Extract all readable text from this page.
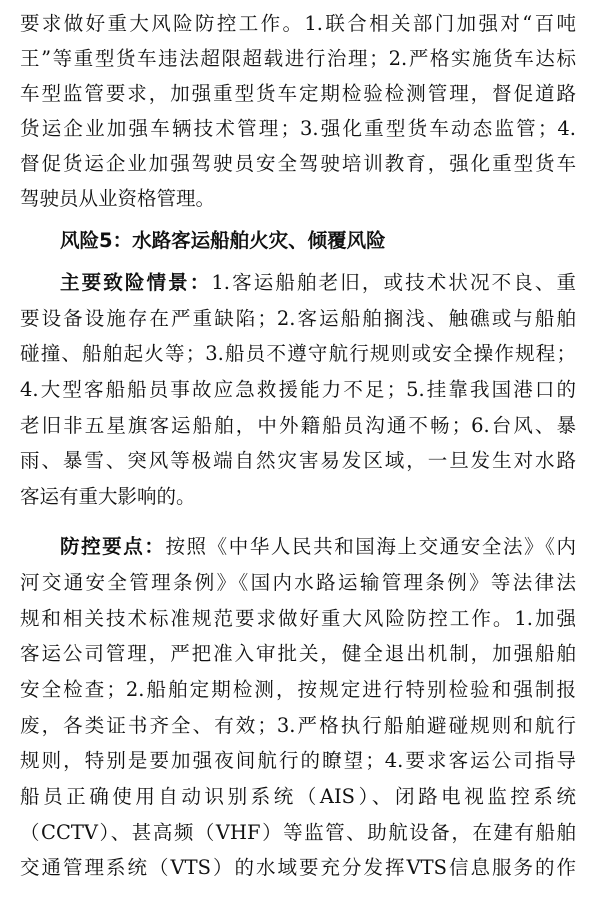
要求做好重大风险防控工作。1.联合相关部门加强对“百吨
王”等重型货车违法超限超载进行治理；2.严格实施货车达标
车型监管要求，加强重型货车定期检验检测管理，督促道路
货运企业加强车辆技术管理；3.强化重型货车动态监管；4.
督促货运企业加强驾驶员安全驾驶培训教育，强化重型货车
驾驶员从业资格管理。
风险5：水路客运船舶火灾、倾覆风险
主要致险情景：1.客运船舶老旧，或技术状况不良、重
要设备设施存在严重缺陷；2.客运船舶搁浅、触礁或与船舶
碰撞、船舶起火等；3.船员不遵守航行规则或安全操作规程；
4.大型客船船员事故应急救援能力不足；5.挂靠我国港口的
老旧非五星旗客运船舶，中外籍船员沟通不畅；6.台风、暴
雨、暴雪、突风等极端自然灾害易发区域，一旦发生对水路
客运有重大影响的。
防控要点：按照《中华人民共和国海上交通安全法》《内
河交通安全管理条例》《国内水路运输管理条例》等法律法
规和相关技术标准规范要求做好重大风险防控工作。1.加强
客运公司管理，严把准入审批关，健全退出机制，加强船舶
安全检查；2.船舶定期检测，按规定进行特别检验和强制报
废，各类证书齐全、有效；3.严格执行船舶避碰规则和航行
规则，特别是要加强夜间航行的瞭望；4.要求客运公司指导
船员正确使用自动识别系统（AIS）、闭路电视监控系统
（CCTV）、甚高频（VHF）等监管、助航设备，在建有船舶
交通管理系统（VTS）的水域要充分发挥VTS信息服务的作
